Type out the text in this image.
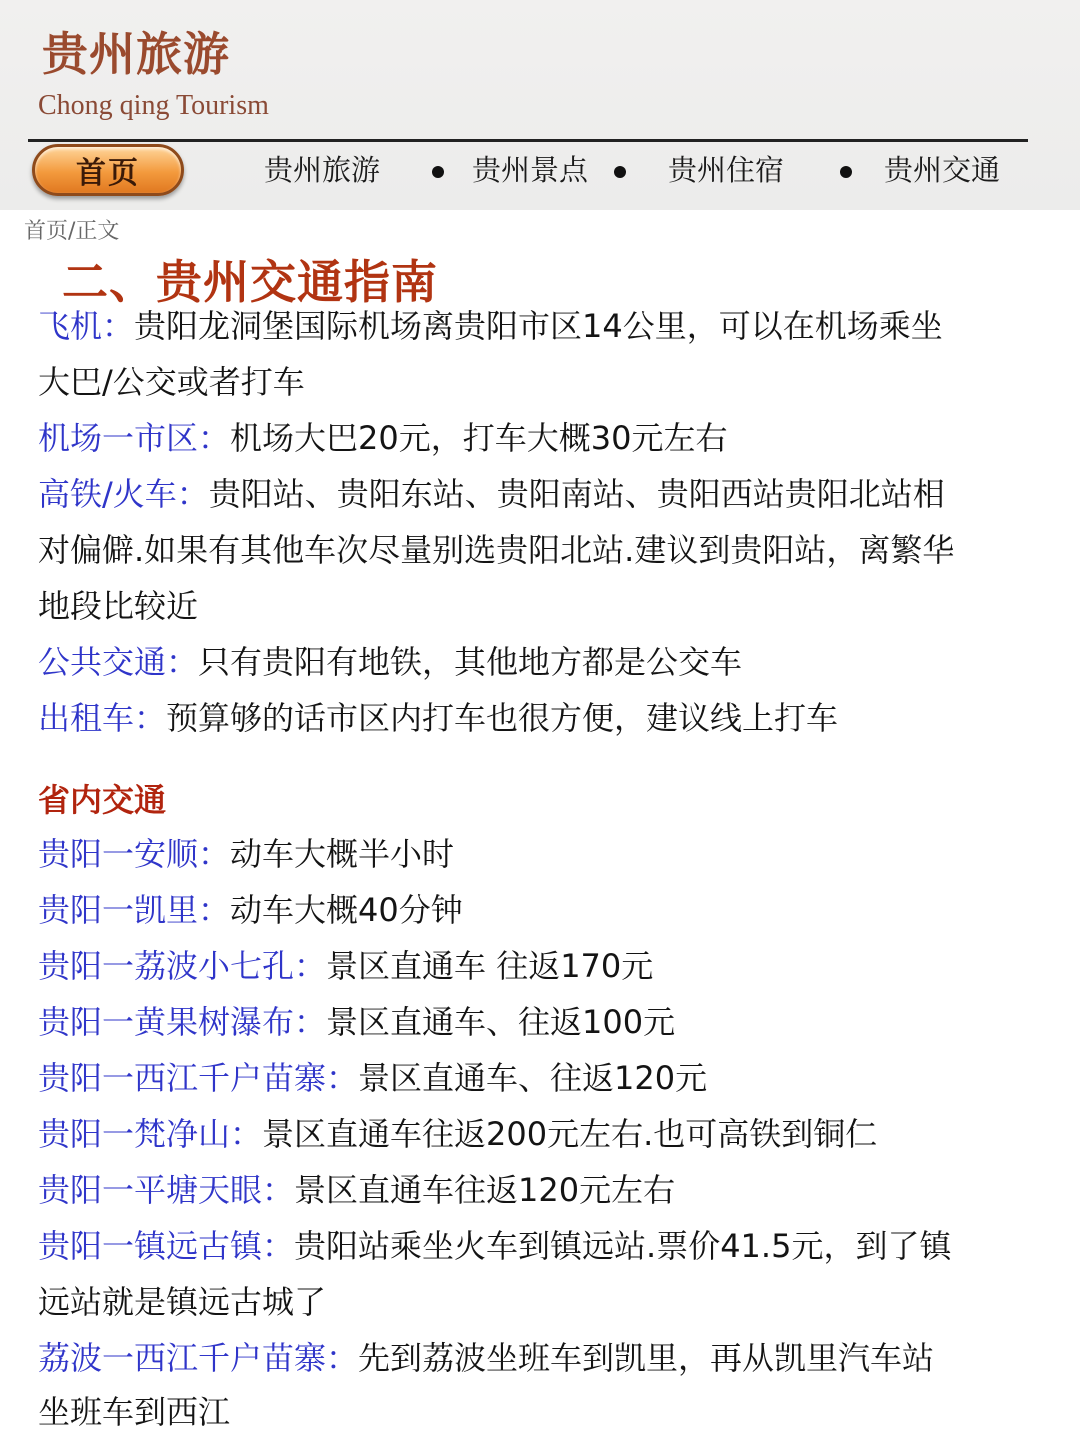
贵州旅游
Chong qing Tourism
首页	贵州旅游	贵州景点	贵州住宿	贵州交通
首页/正文
二、贵州交通指南
飞机：贵阳龙洞堡国际机场离贵阳市区14公里，可以在机场乘坐
大巴/公交或者打车
机场一市区：机场大巴20元，打车大概30元左右
高铁/火车：贵阳站、贵阳东站、贵阳南站、贵阳西站贵阳北站相
对偏僻.如果有其他车次尽量别选贵阳北站.建议到贵阳站，离繁华
地段比较近
公共交通：只有贵阳有地铁，其他地方都是公交车
出租车：预算够的话市区内打车也很方便，建议线上打车
省内交通
贵阳一安顺：动车大概半小时
贵阳一凯里：动车大概40分钟
贵阳一荔波小七孔：景区直通车 往返170元
贵阳一黄果树瀑布：景区直通车、往返100元
贵阳一西江千户苗寨：景区直通车、往返120元
贵阳一梵净山：景区直通车往返200元左右.也可高铁到铜仁
贵阳一平塘天眼：景区直通车往返120元左右
贵阳一镇远古镇：贵阳站乘坐火车到镇远站.票价41.5元，到了镇
远站就是镇远古城了
荔波一西江千户苗寨：先到荔波坐班车到凯里，再从凯里汽车站
坐班车到西江
